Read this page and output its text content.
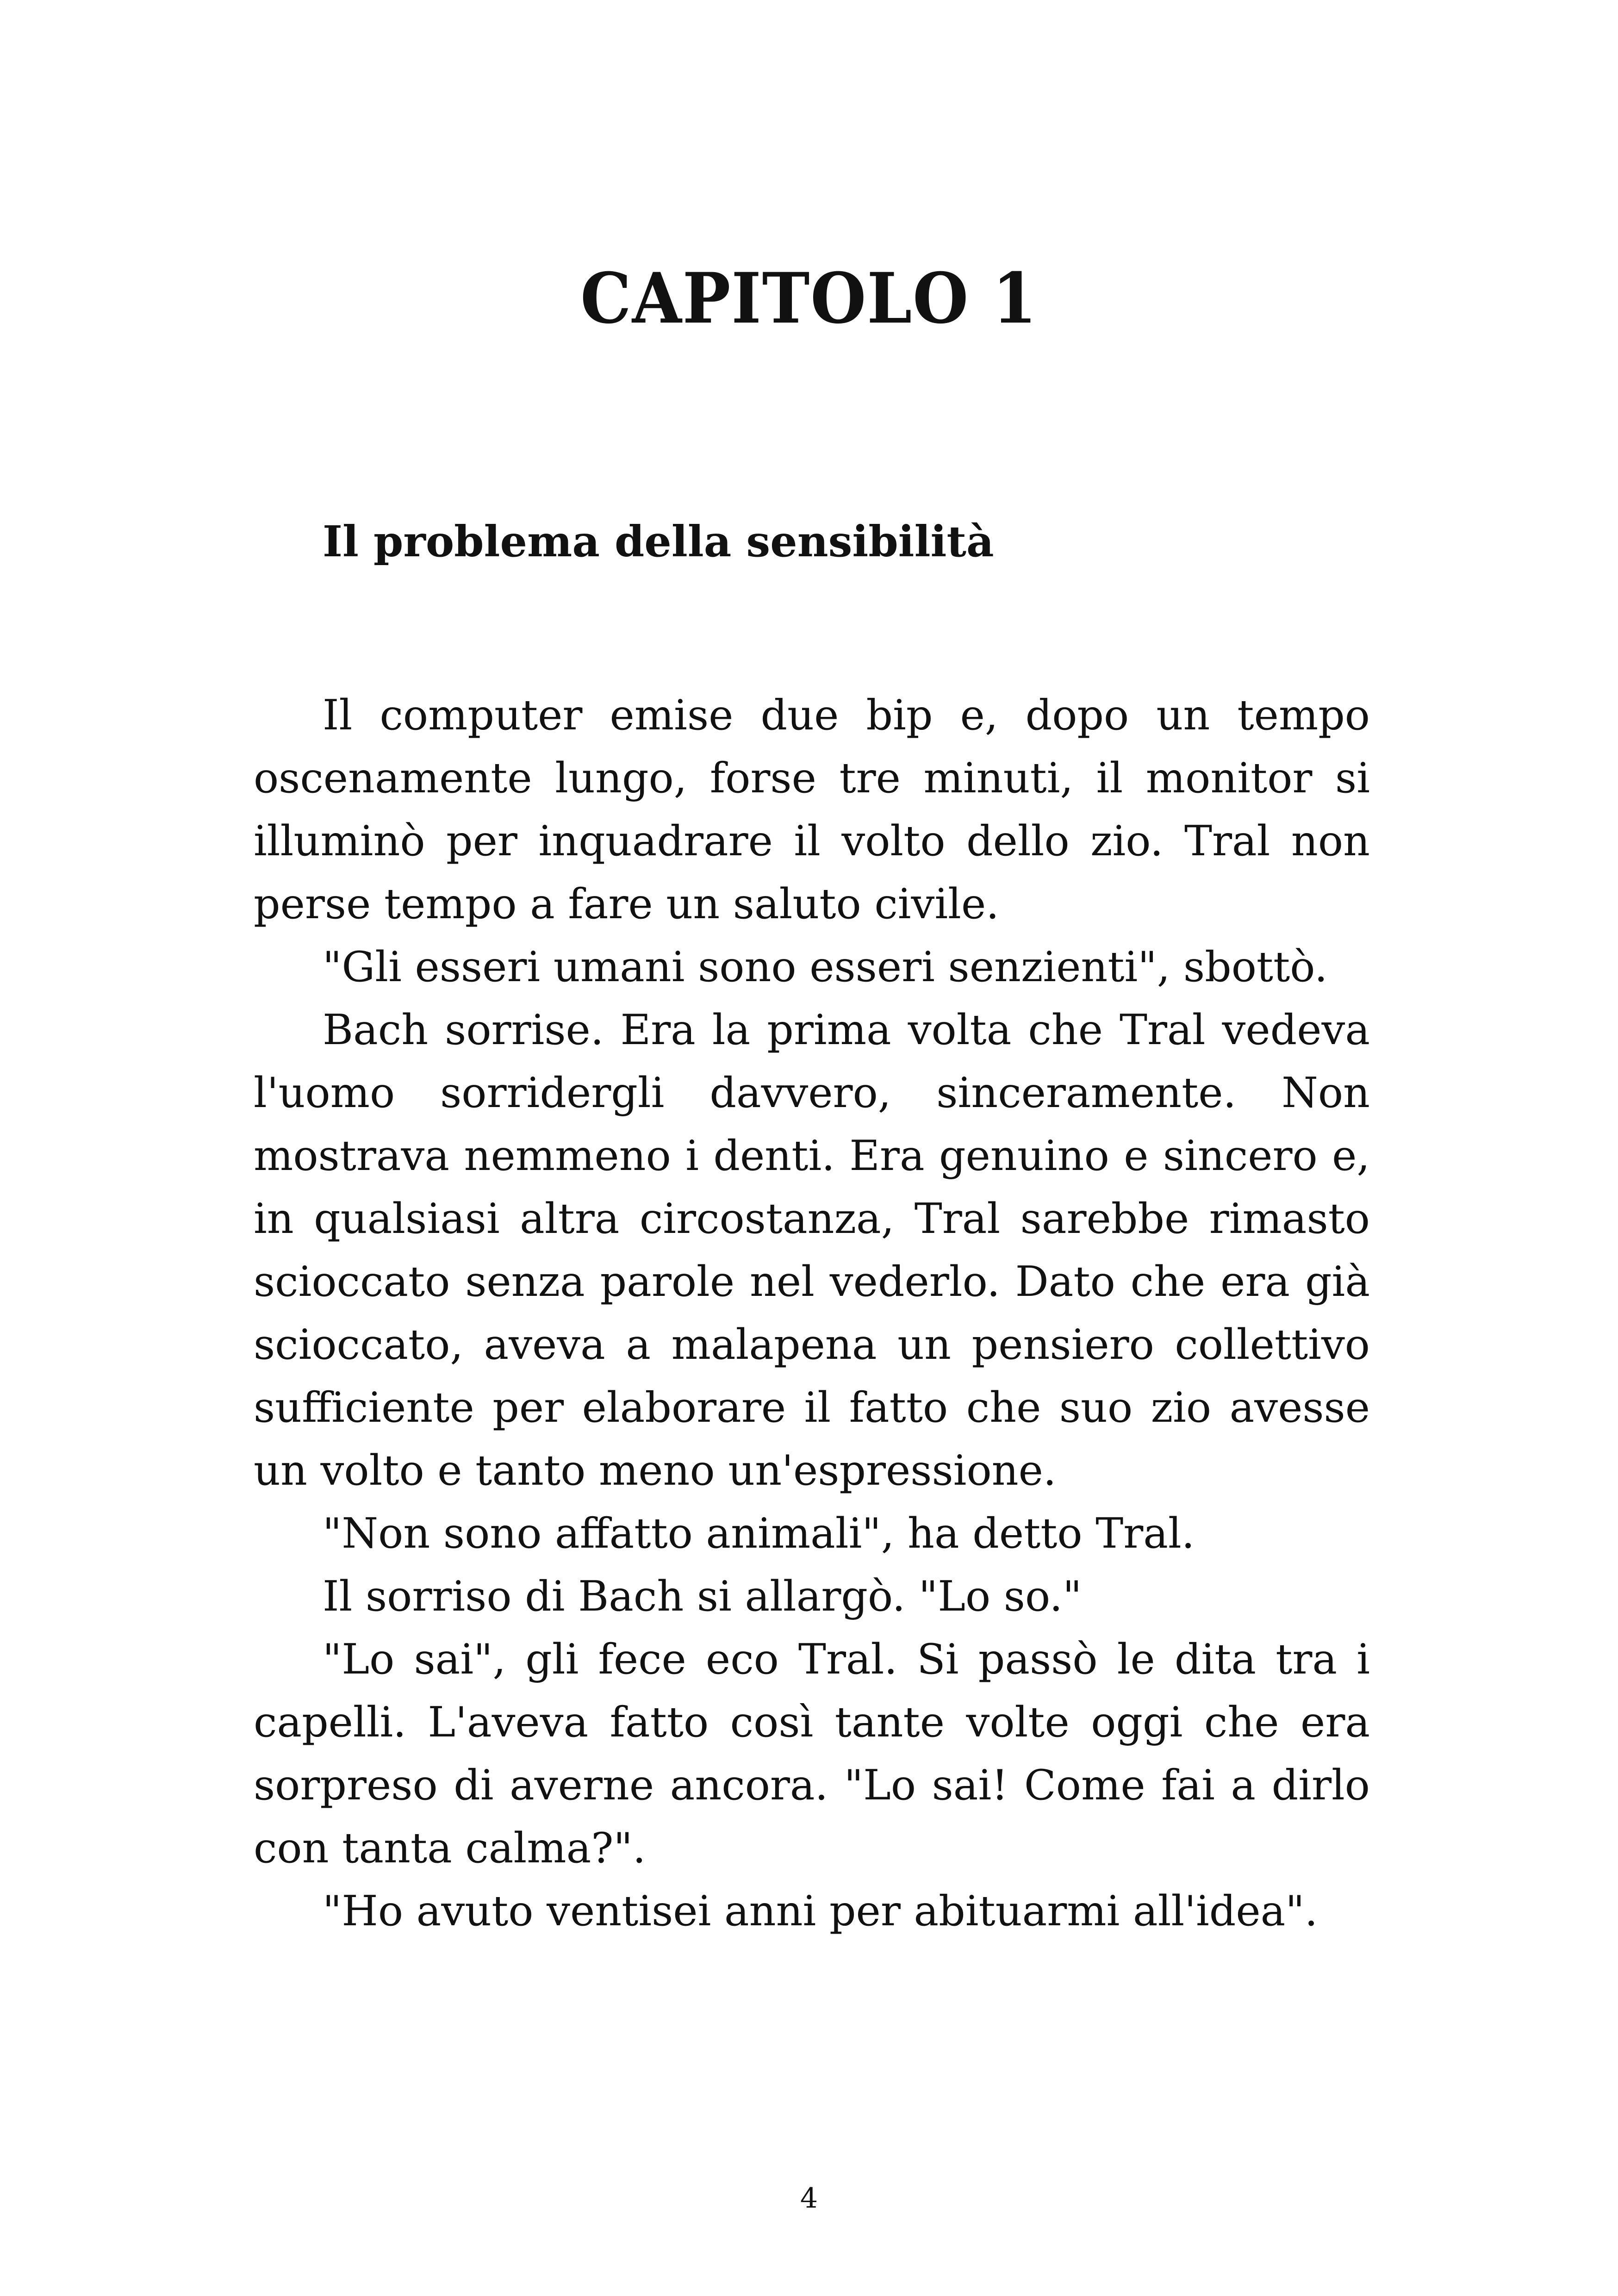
CAPITOLO 1
Il problema della sensibilità

Il computer emise due bip e, dopo un tempo oscenamente lungo, forse tre minuti, il monitor si illuminò per inquadrare il volto dello zio. Tral non perse tempo a fare un saluto civile.

"Gli esseri umani sono esseri senzienti", sbottò.

Bach sorrise. Era la prima volta che Tral vedeva l'uomo sorridergli davvero, sinceramente. Non mostrava nemmeno i denti. Era genuino e sincero e, in qualsiasi altra circostanza, Tral sarebbe rimasto scioccato senza parole nel vederlo. Dato che era già scioccato, aveva a malapena un pensiero collettivo sufficiente per elaborare il fatto che suo zio avesse un volto e tanto meno un'espressione.

"Non sono affatto animali", ha detto Tral.

Il sorriso di Bach si allargò. "Lo so."

"Lo sai", gli fece eco Tral. Si passò le dita tra i capelli. L'aveva fatto così tante volte oggi che era sorpreso di averne ancora. "Lo sai! Come fai a dirlo con tanta calma?".

"Ho avuto ventisei anni per abituarmi all'idea".

4
